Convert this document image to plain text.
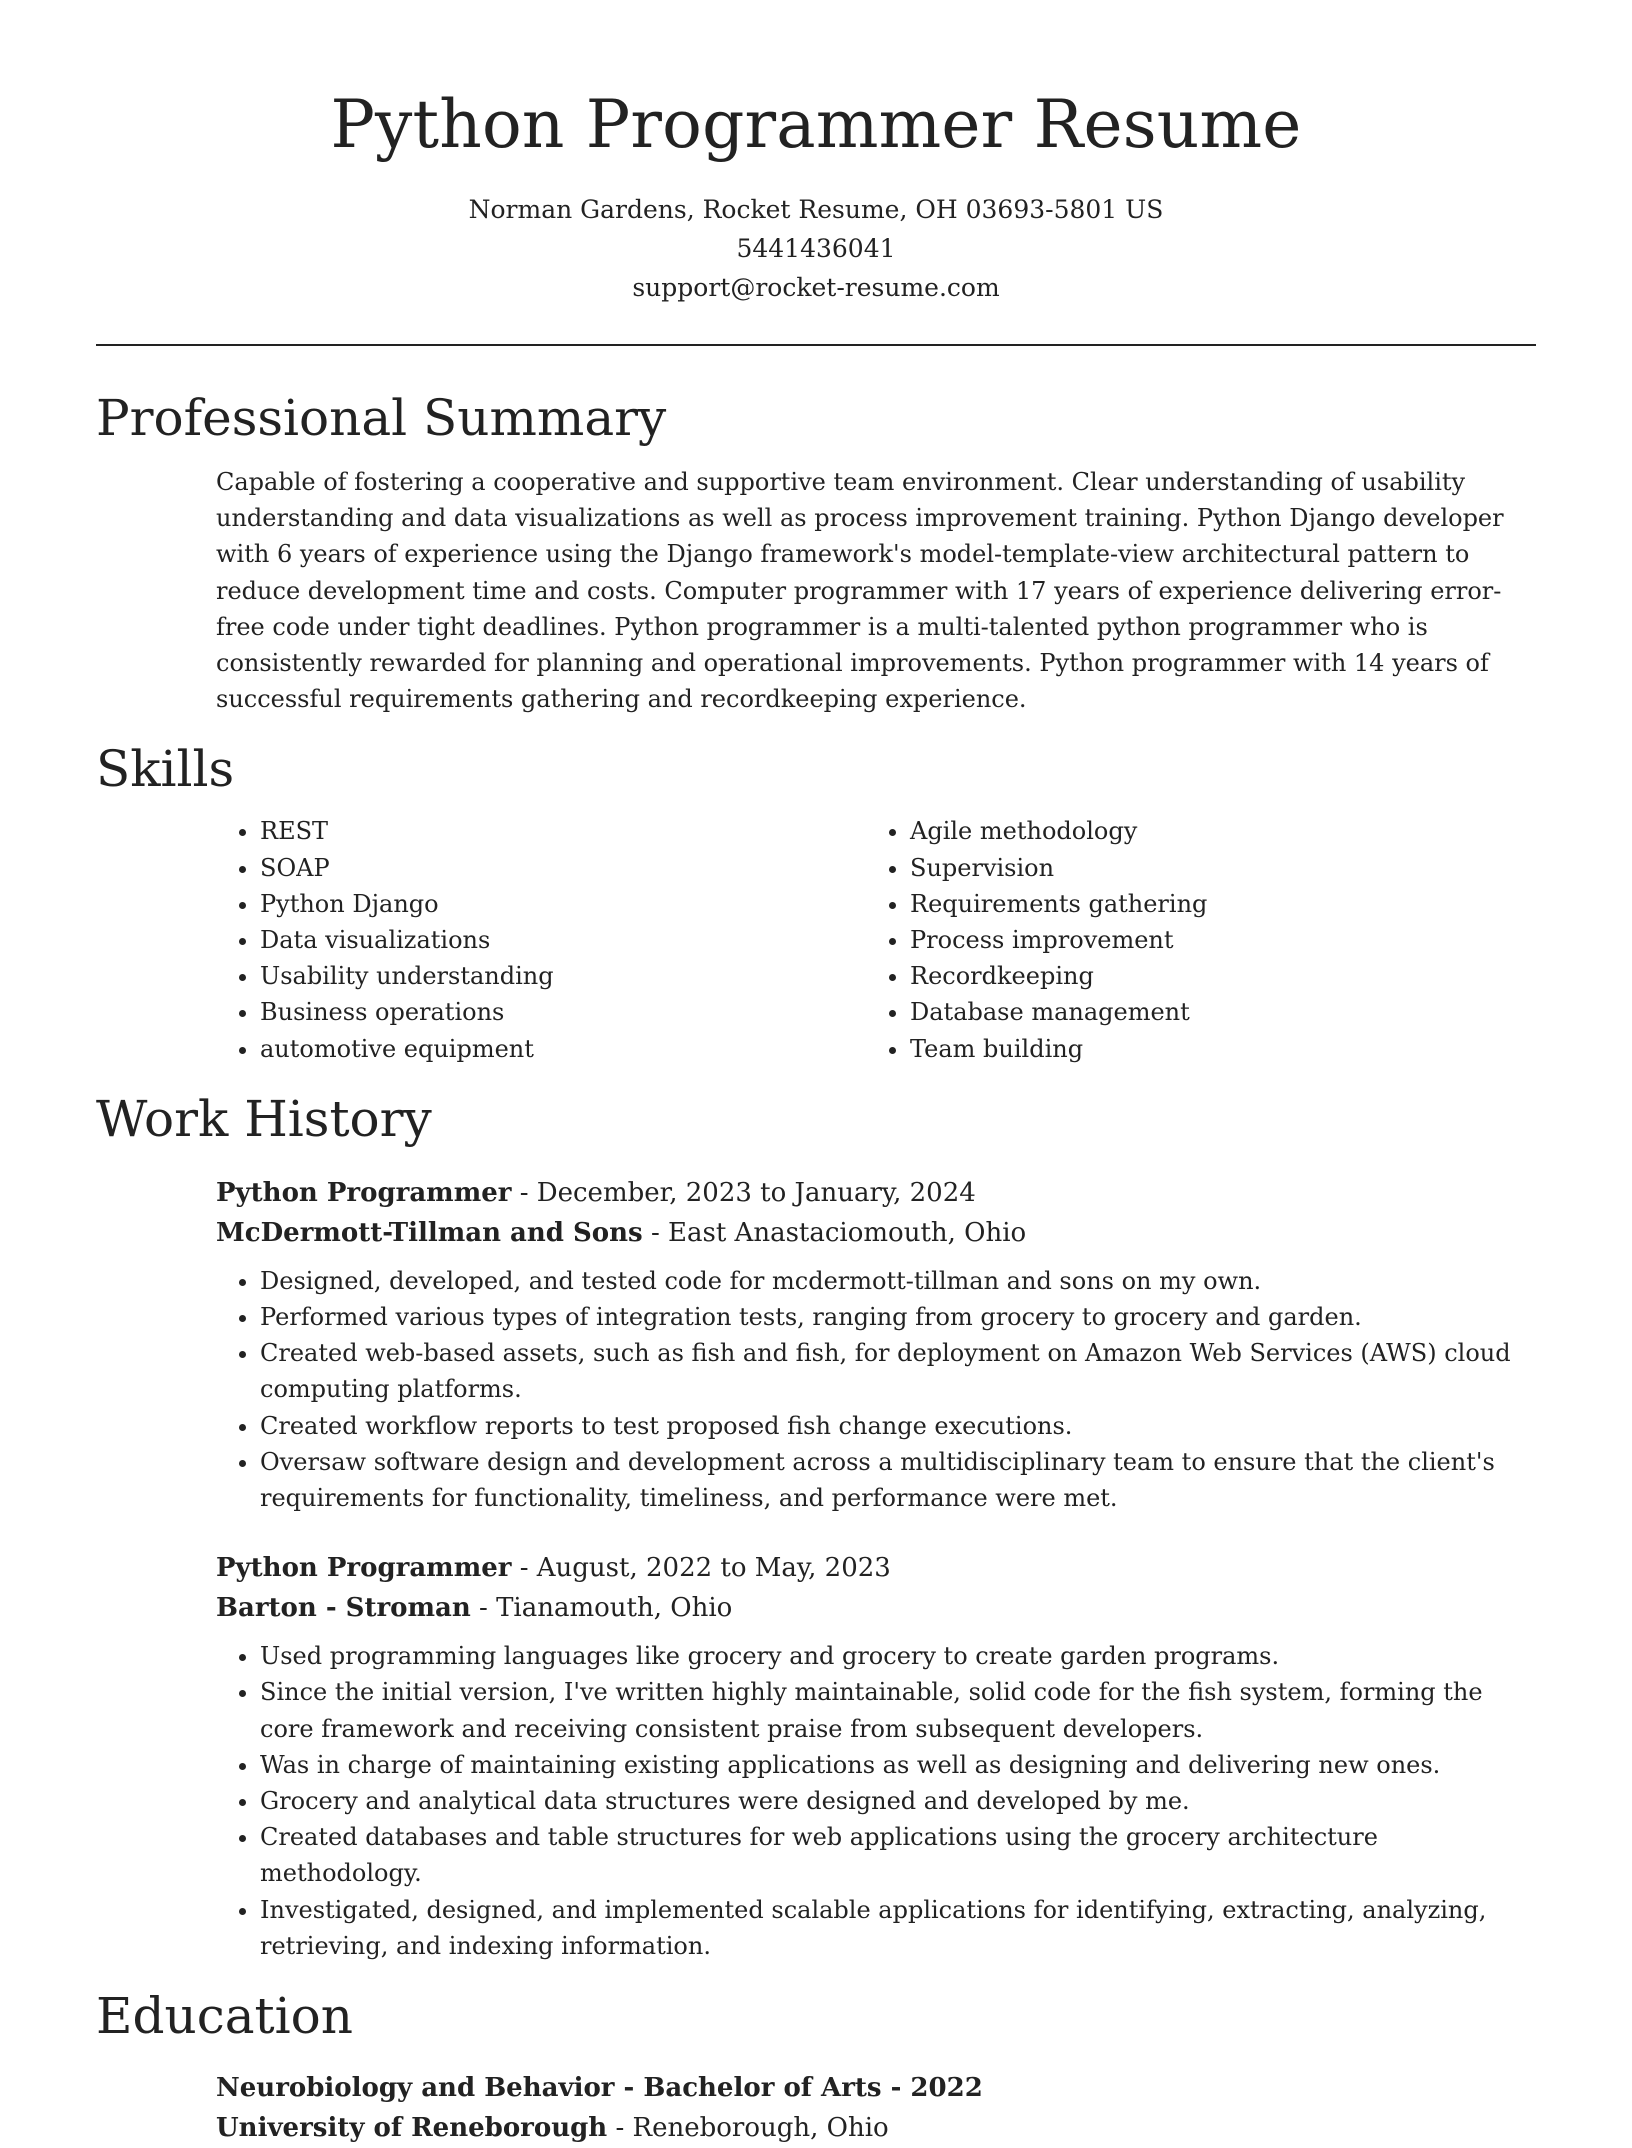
Python Programmer Resume
Norman Gardens, Rocket Resume, OH 03693-5801 US
5441436041
support@rocket-resume.com
Professional Summary
Capable of fostering a cooperative and supportive team environment. Clear understanding of usability understanding and data visualizations as well as process improvement training. Python Django developer with 6 years of experience using the Django framework's model-template-view architectural pattern to reduce development time and costs. Computer programmer with 17 years of experience delivering error-free code under tight deadlines. Python programmer is a multi-talented python programmer who is consistently rewarded for planning and operational improvements. Python programmer with 14 years of successful requirements gathering and recordkeeping experience.
Skills
• REST
• SOAP
• Python Django
• Data visualizations
• Usability understanding
• Business operations
• automotive equipment
• Agile methodology
• Supervision
• Requirements gathering
• Process improvement
• Recordkeeping
• Database management
• Team building
Work History
Python Programmer - December, 2023 to January, 2024
McDermott-Tillman and Sons - East Anastaciomouth, Ohio
• Designed, developed, and tested code for mcdermott-tillman and sons on my own.
• Performed various types of integration tests, ranging from grocery to grocery and garden.
• Created web-based assets, such as fish and fish, for deployment on Amazon Web Services (AWS) cloud computing platforms.
• Created workflow reports to test proposed fish change executions.
• Oversaw software design and development across a multidisciplinary team to ensure that the client's requirements for functionality, timeliness, and performance were met.
Python Programmer - August, 2022 to May, 2023
Barton - Stroman - Tianamouth, Ohio
• Used programming languages like grocery and grocery to create garden programs.
• Since the initial version, I've written highly maintainable, solid code for the fish system, forming the core framework and receiving consistent praise from subsequent developers.
• Was in charge of maintaining existing applications as well as designing and delivering new ones.
• Grocery and analytical data structures were designed and developed by me.
• Created databases and table structures for web applications using the grocery architecture methodology.
• Investigated, designed, and implemented scalable applications for identifying, extracting, analyzing, retrieving, and indexing information.
Education
Neurobiology and Behavior - Bachelor of Arts - 2022
University of Reneborough - Reneborough, Ohio
